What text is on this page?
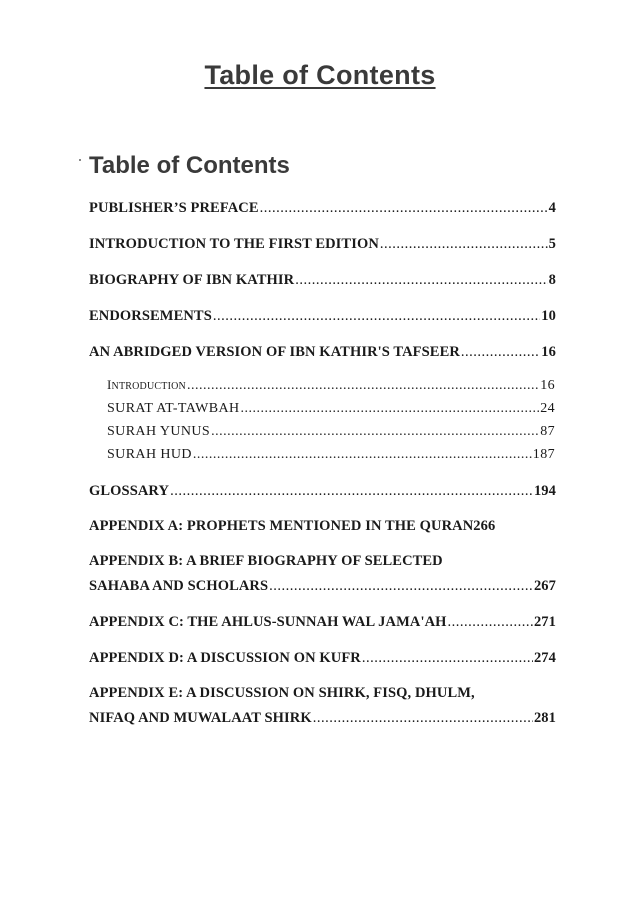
Table of Contents
Table of Contents
PUBLISHER’S PREFACE .....	4
INTRODUCTION TO THE FIRST EDITION .....	5
BIOGRAPHY OF IBN KATHIR .....	8
ENDORSEMENTS .....	10
AN ABRIDGED VERSION OF IBN KATHIR'S TAFSEER .....	16
INTRODUCTION .....	16
SURAT AT-TAWBAH .....	24
SURAH YUNUS .....	87
SURAH HUD .....	187
GLOSSARY .....	194
APPENDIX A: PROPHETS MENTIONED IN THE QURAN 266
APPENDIX B: A BRIEF BIOGRAPHY OF SELECTED
SAHABA AND SCHOLARS .....	267
APPENDIX C: THE AHLUS-SUNNAH WAL JAMA'AH .....	271
APPENDIX D: A DISCUSSION ON KUFR .....	274
APPENDIX E: A DISCUSSION ON SHIRK, FISQ, DHULM,
NIFAQ AND MUWALAAT SHIRK .....	281
